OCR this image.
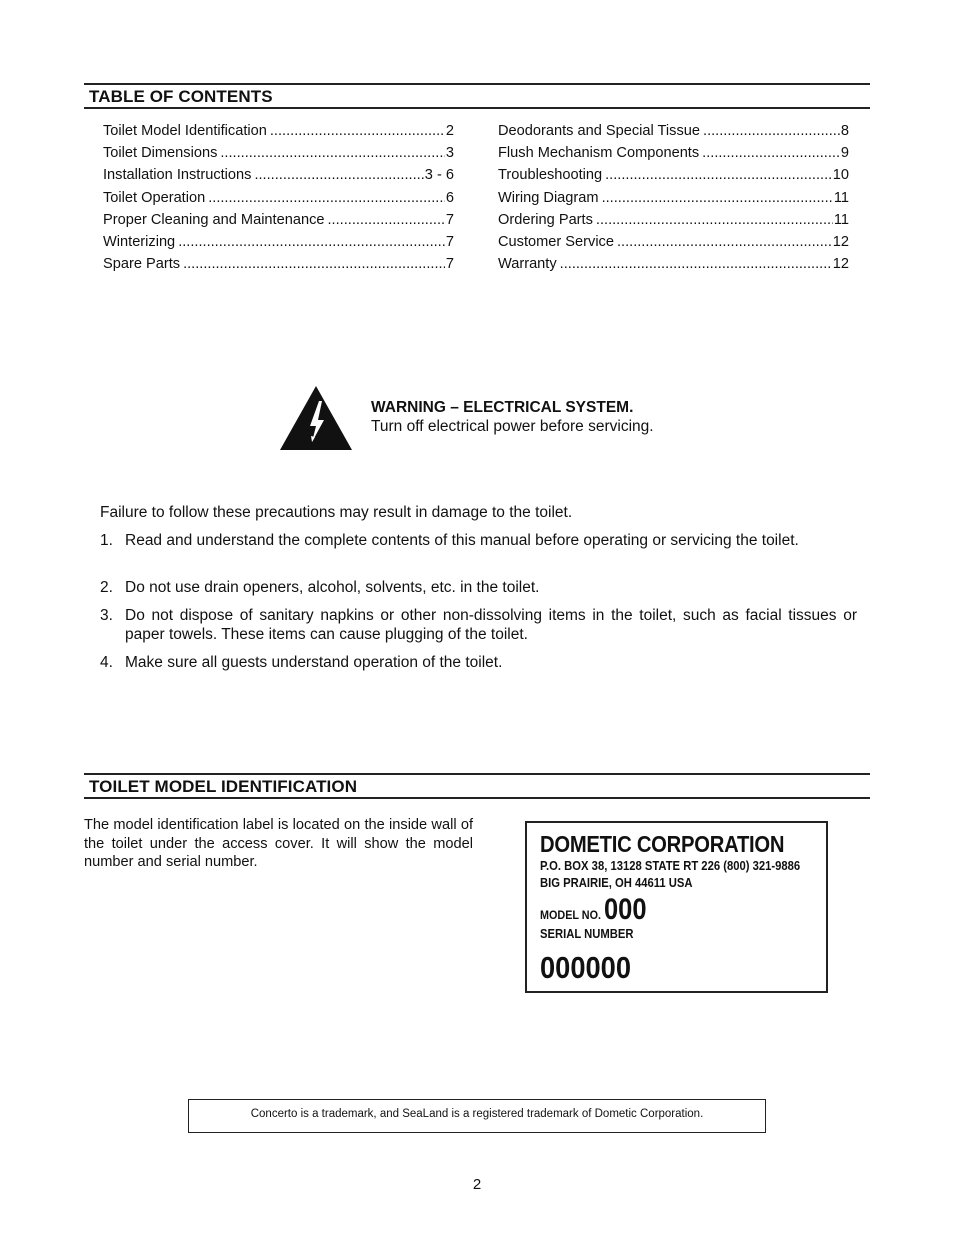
TABLE OF CONTENTS
Toilet Model Identification .....	2
Toilet Dimensions .....	3
Installation Instructions .....	3 - 6
Toilet Operation .....	6
Proper Cleaning and Maintenance .....	7
Winterizing .....	7
Spare Parts .....	7
Deodorants and Special Tissue .....	8
Flush Mechanism Components .....	9
Troubleshooting .....	10
Wiring Diagram .....	11
Ordering Parts .....	11
Customer Service .....	12
Warranty .....	12
WARNING – ELECTRICAL SYSTEM.
Turn off electrical power before servicing.
Failure to follow these precautions may result in damage to the toilet.
1. Read and understand the complete contents of this manual before operating or servicing the toilet.
2. Do not use drain openers, alcohol, solvents, etc. in the toilet.
3. Do not dispose of sanitary napkins or other non-dissolving items in the toilet, such as facial tissues or paper towels. These items can cause plugging of the toilet.
4. Make sure all guests understand operation of the toilet.
TOILET MODEL IDENTIFICATION
The model identification label is located on the inside wall of the toilet under the access cover. It will show the model number and serial number.
DOMETIC CORPORATION
P.O. BOX 38, 13128 STATE RT 226 (800) 321-9886
BIG PRAIRIE, OH 44611 USA
MODEL NO.000
SERIAL NUMBER
000000
Concerto is a trademark, and SeaLand is a registered trademark of Dometic Corporation.
2
